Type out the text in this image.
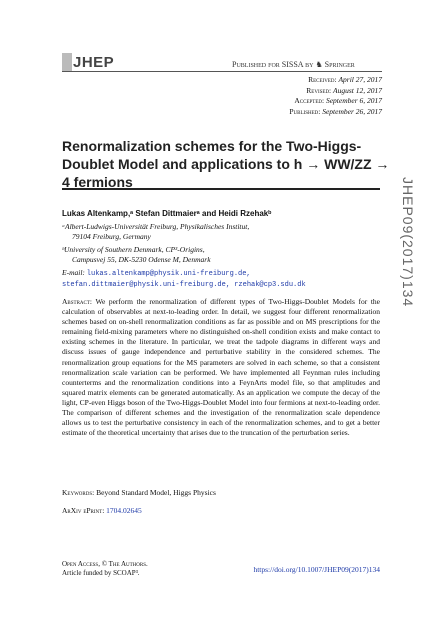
JHEP	Published for SISSA by ♞ Springer
Received: April 27, 2017
Revised: August 12, 2017
Accepted: September 6, 2017
Published: September 26, 2017
Renormalization schemes for the Two-Higgs-Doublet Model and applications to h → WW/ZZ → 4 fermions	JHEP09(2017)134
Lukas Altenkamp,ᵃ Stefan Dittmaierᵃ and Heidi Rzehakᵇ
ᵃAlbert-Ludwigs-Universität Freiburg, Physikalisches Institut,
79104 Freiburg, Germany
ᵇUniversity of Southern Denmark, CP³-Origins,
Campusvej 55, DK-5230 Odense M, Denmark
E-mail: lukas.altenkamp@physik.uni-freiburg.de,
stefan.dittmaier@physik.uni-freiburg.de, rzehak@cp3.sdu.dk
Abstract: We perform the renormalization of different types of Two-Higgs-Doublet Models for the calculation of observables at next-to-leading order. In detail, we suggest four different renormalization schemes based on on-shell renormalization conditions as far as possible and on MS prescriptions for the remaining field-mixing parameters where no distinguished on-shell condition exists and make contact to existing schemes in the literature. In particular, we treat the tadpole diagrams in different ways and discuss issues of gauge independence and perturbative stability in the considered schemes. The renormalization group equations for the MS parameters are solved in each scheme, so that a consistent renormalization scale variation can be performed. We have implemented all Feynman rules including counterterms and the renormalization conditions into a FeynArts model file, so that amplitudes and squared matrix elements can be generated automatically. As an application we compute the decay of the light, CP-even Higgs boson of the Two-Higgs-Doublet Model into four fermions at next-to-leading order. The comparison of different schemes and the investigation of the renormalization scale dependence allows us to test the perturbative consistency in each of the renormalization schemes, and to get a better estimate of the theoretical uncertainty that arises due to the truncation of the perturbation series.
Keywords: Beyond Standard Model, Higgs Physics
ArXiv ePrint: 1704.02645
Open Access, © The Authors.
Article funded by SCOAP³.	https://doi.org/10.1007/JHEP09(2017)134
